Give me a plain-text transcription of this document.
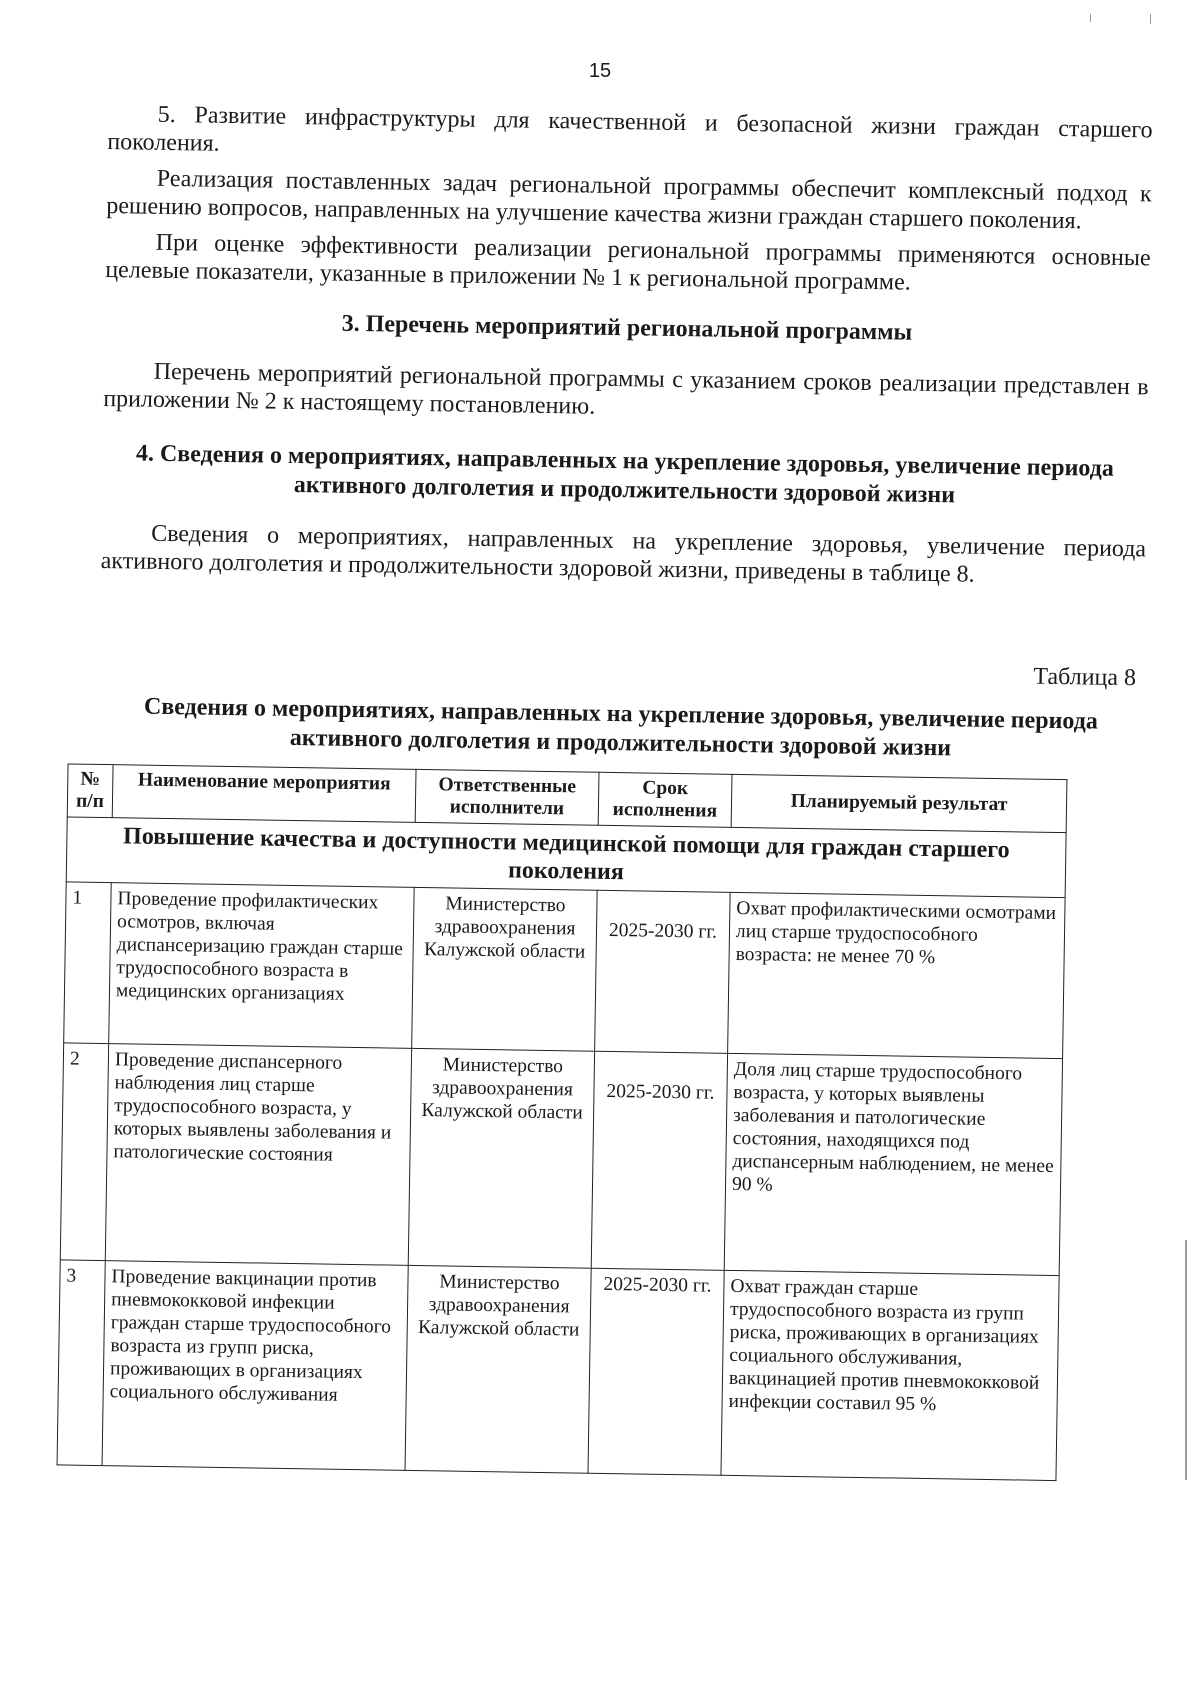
15

5. Развитие инфраструктуры для качественной и безопасной жизни граждан старшего поколения.

Реализация поставленных задач региональной программы обеспечит комплексный подход к решению вопросов, направленных на улучшение качества жизни граждан старшего поколения.

При оценке эффективности реализации региональной программы применяются основные целевые показатели, указанные в приложении № 1 к региональной программе.

3. Перечень мероприятий региональной программы

Перечень мероприятий региональной программы с указанием сроков реализации представлен в приложении № 2 к настоящему постановлению.

4. Сведения о мероприятиях, направленных на укрепление здоровья, увеличение периода активного долголетия и продолжительности здоровой жизни

Сведения о мероприятиях, направленных на укрепление здоровья, увеличение периода активного долголетия и продолжительности здоровой жизни, приведены в таблице 8.

Таблица 8
Сведения о мероприятиях, направленных на укрепление здоровья, увеличение периода активного долголетия и продолжительности здоровой жизни
№ п/п	Наименование мероприятия	Ответственные исполнители	Срок исполнения	Планируемый результат
Повышение качества и доступности медицинской помощи для граждан старшего поколения				
1	Проведение профилактических осмотров, включая диспансеризацию граждан старше трудоспособного возраста в медицинских организациях	Министерство здравоохранения Калужской области	2025-2030 гг.	Охват профилактическими осмотрами лиц старше трудоспособного возраста: не менее 70 %
2	Проведение диспансерного наблюдения лиц старше трудоспособного возраста, у которых выявлены заболевания и патологические состояния	Министерство здравоохранения Калужской области	2025-2030 гг.	Доля лиц старше трудоспособного возраста, у которых выявлены заболевания и патологические состояния, находящихся под диспансерным наблюдением, не менее 90 %
3	Проведение вакцинации против пневмококковой инфекции граждан старше трудоспособного возраста из групп риска, проживающих в организациях социального обслуживания	Министерство здравоохранения Калужской области	2025-2030 гг.	Охват граждан старше трудоспособного возраста из групп риска, проживающих в организациях социального обслуживания, вакцинацией против пневмококковой инфекции составил 95 %
